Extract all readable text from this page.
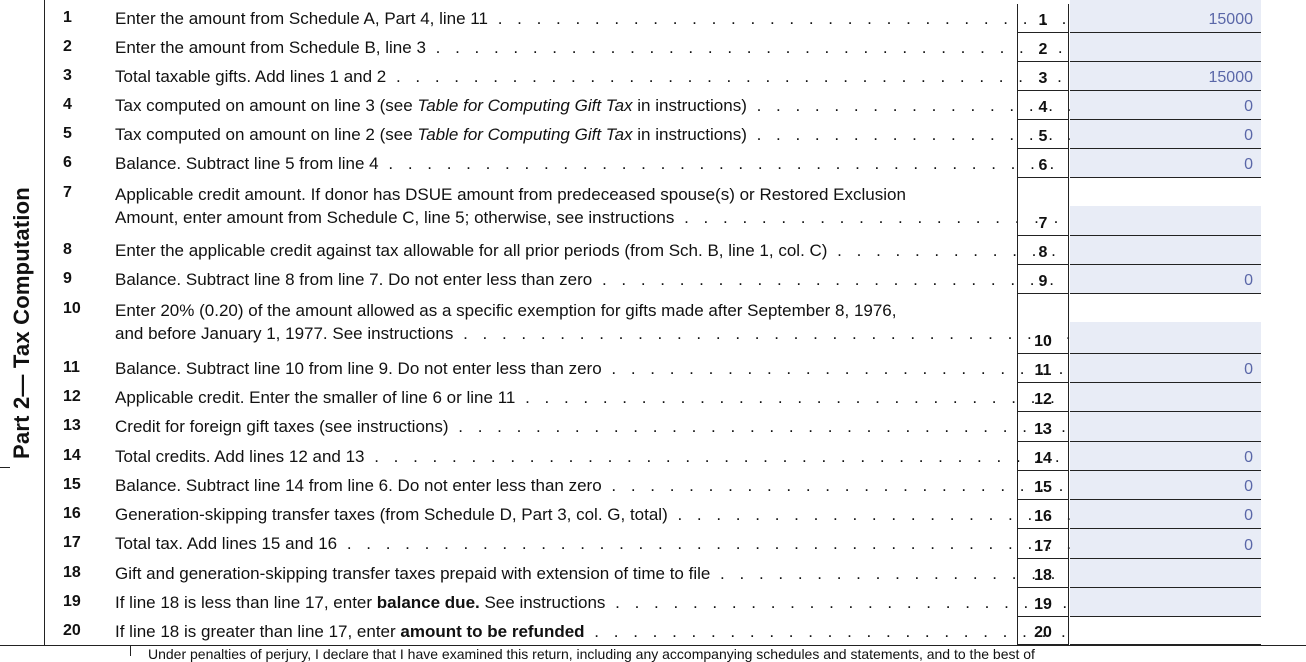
Part 2— Tax Computation
1	Enter the amount from Schedule A, Part 4, line 11 . . .	1	15000
2	Enter the amount from Schedule B, line 3 . . .	2
3	Total taxable gifts. Add lines 1 and 2 . . .	3	15000
4	Tax computed on amount on line 3 (see Table for Computing Gift Tax in instructions) . . .	4	0
5	Tax computed on amount on line 2 (see Table for Computing Gift Tax in instructions) . . .	5	0
6	Balance. Subtract line 5 from line 4 . . .	6	0
7	Applicable credit amount. If donor has DSUE amount from predeceased spouse(s) or Restored Exclusion
Amount, enter amount from Schedule C, line 5; otherwise, see instructions . . .	7
8	Enter the applicable credit against tax allowable for all prior periods (from Sch. B, line 1, col. C) . . .	8
9	Balance. Subtract line 8 from line 7. Do not enter less than zero . . .	9	0
10 Enter 20% (0.20) of the amount allowed as a specific exemption for gifts made after September 8, 1976,
and before January 1, 1977. See instructions . . .	10
11 Balance. Subtract line 10 from line 9. Do not enter less than zero . . .	11	0
12 Applicable credit. Enter the smaller of line 6 or line 11 . . .	12
13 Credit for foreign gift taxes (see instructions) . . .	13
14 Total credits. Add lines 12 and 13 . . .	14	0
15 Balance. Subtract line 14 from line 6. Do not enter less than zero . . .	15	0
16 Generation-skipping transfer taxes (from Schedule D, Part 3, col. G, total) . . .	16	0
17 Total tax. Add lines 15 and 16 . . .	17	0
18 Gift and generation-skipping transfer taxes prepaid with extension of time to file . . .	18
19 If line 18 is less than line 17, enter balance due. See instructions . . .	19
20 If line 18 is greater than line 17, enter amount to be refunded . . .	20
Under penalties of perjury, I declare that I have examined this return, including any accompanying schedules and statements, and to the best of
